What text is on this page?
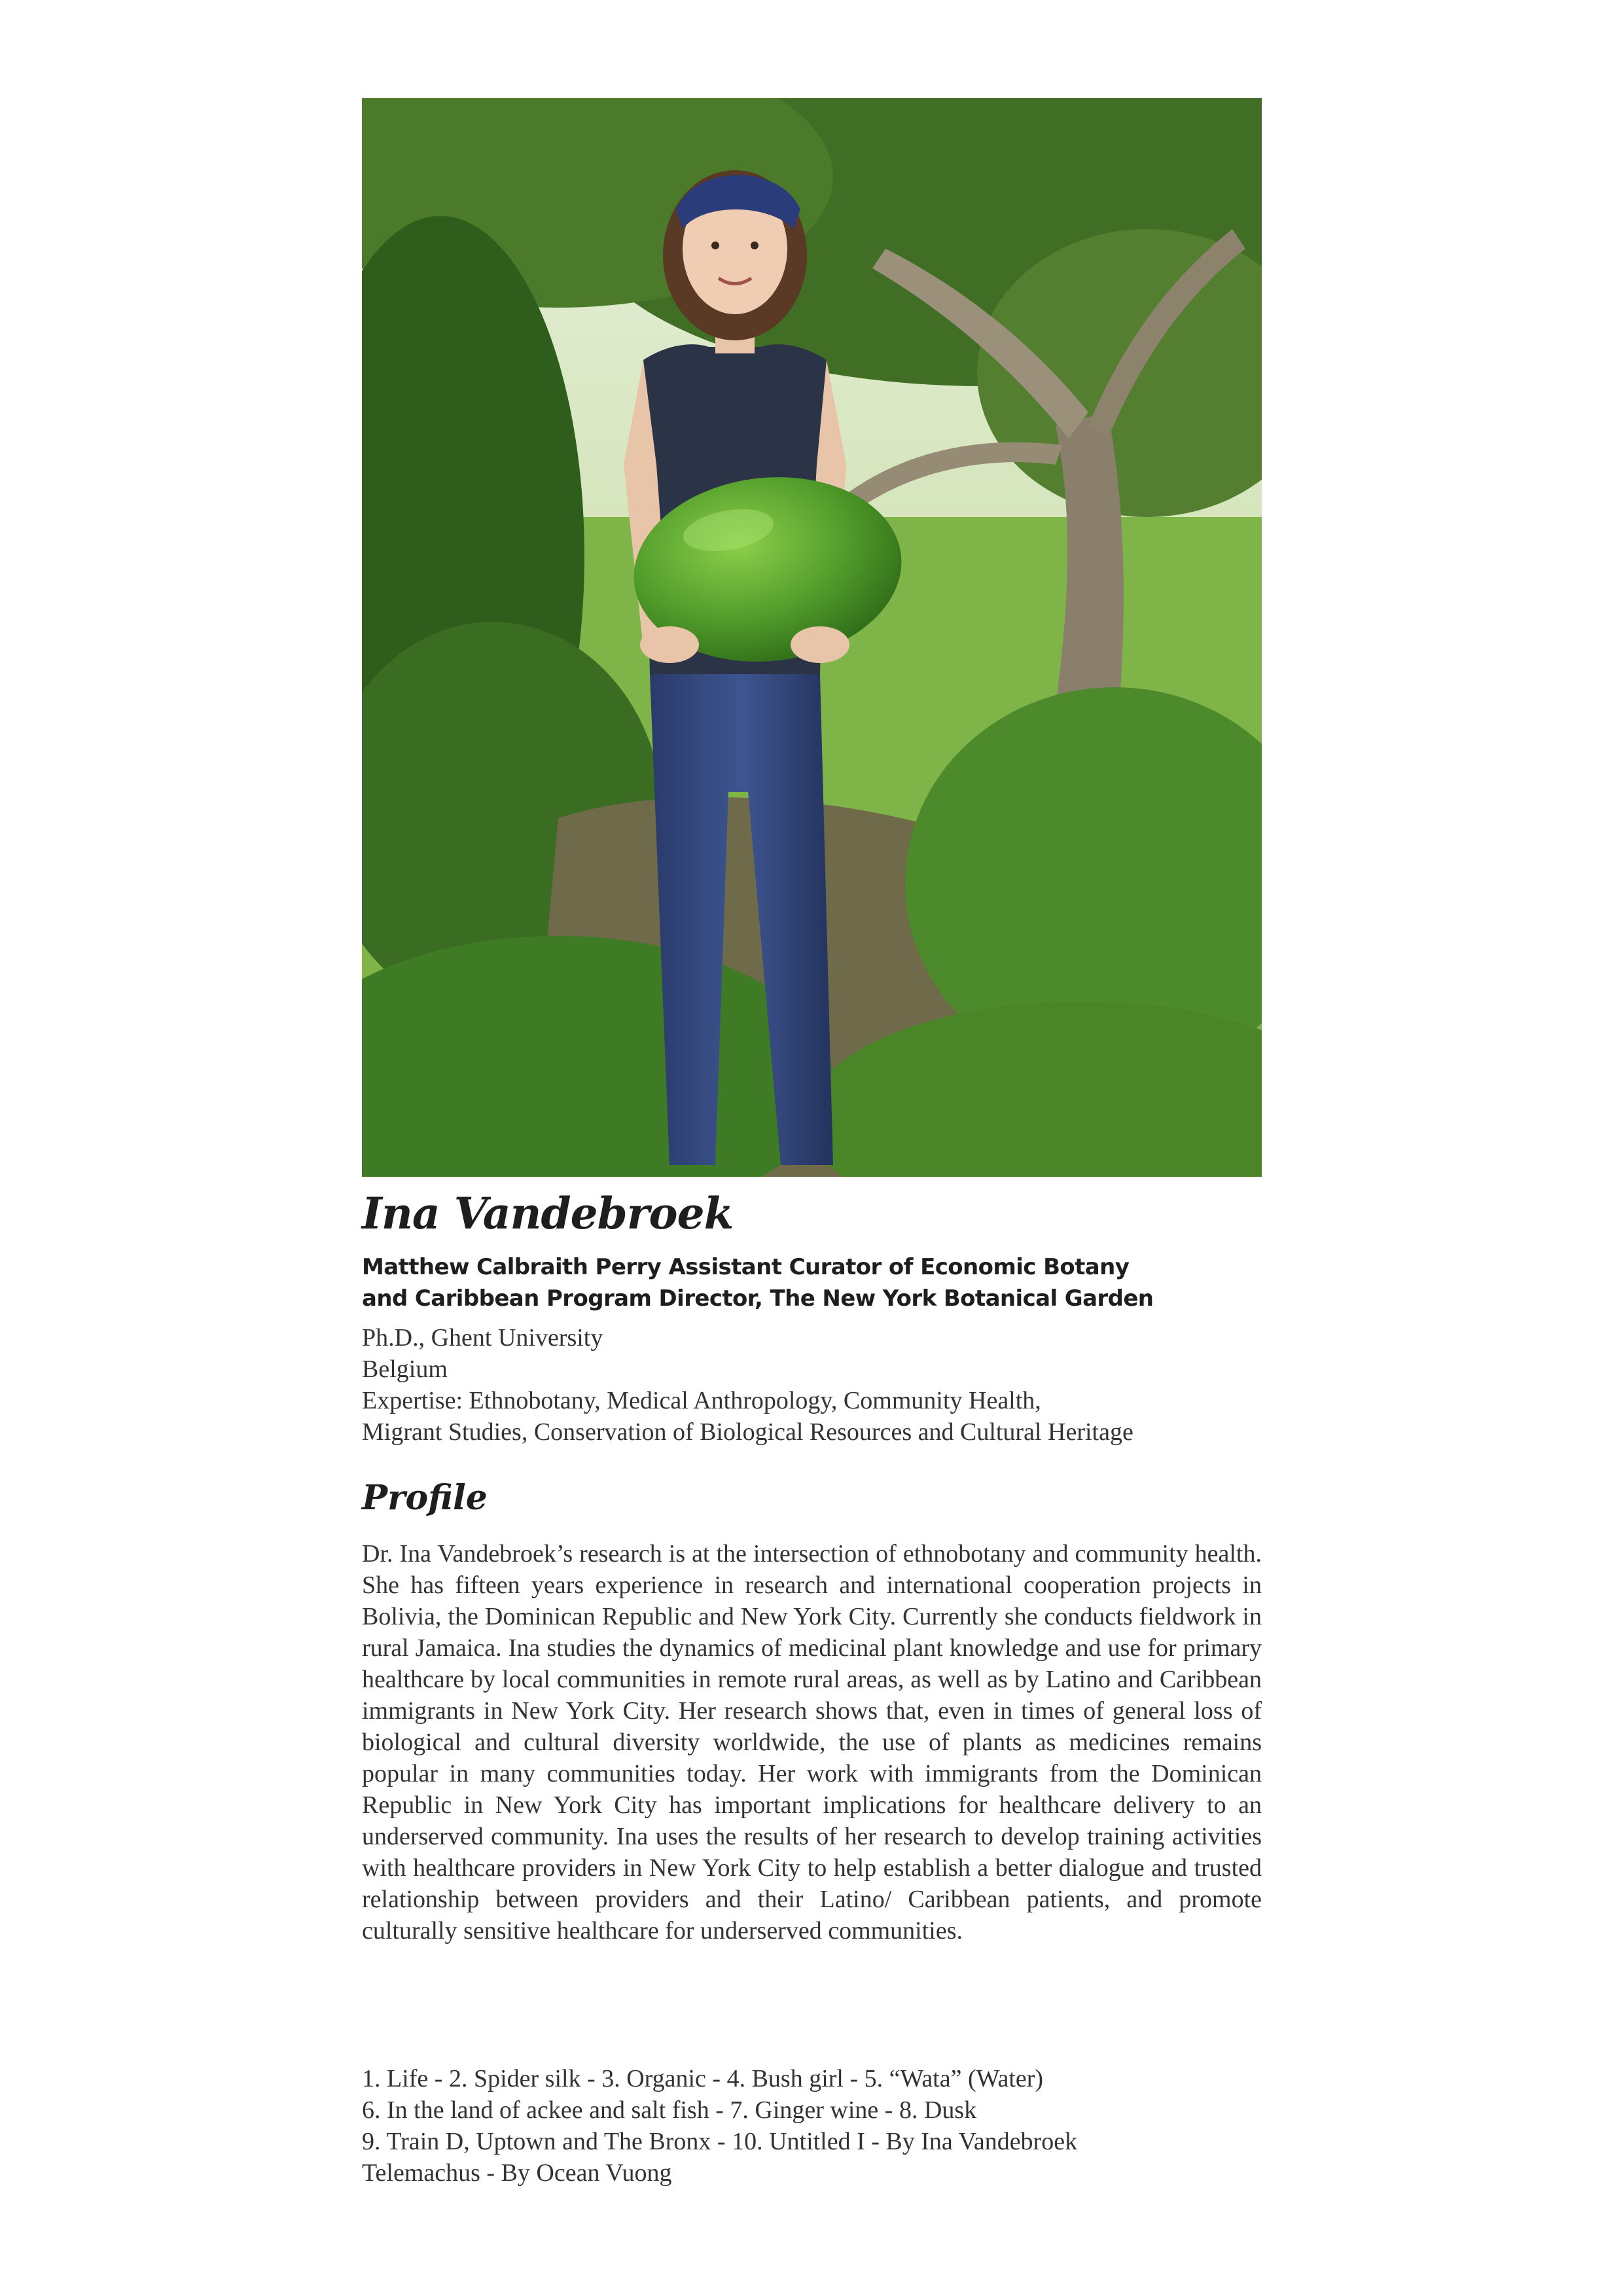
Ina Vandebroek
Matthew Calbraith Perry Assistant Curator of Economic Botany
and Caribbean Program Director, The New York Botanical Garden
Ph.D., Ghent University
Belgium
Expertise: Ethnobotany, Medical Anthropology, Community Health,
Migrant Studies, Conservation of Biological Resources and Cultural Heritage
Profile

Dr. Ina Vandebroek’s research is at the intersection of ethnobotany and community health. She has fifteen years experience in research and international cooperation projects in Bolivia, the Dominican Republic and New York City. Currently she conducts fieldwork in rural Jamaica. Ina studies the dynamics of medicinal plant knowledge and use for primary healthcare by local communities in remote rural areas, as well as by Latino and Caribbean immigrants in New York City. Her research shows that, even in times of general loss of biological and cultural diversity worldwide, the use of plants as medicines remains popular in many communities today. Her work with immigrants from the Dominican Republic in New York City has important implications for healthcare delivery to an underserved community. Ina uses the results of her research to develop training activities with healthcare providers in New York City to help establish a better dialogue and trusted relationship between providers and their Latino/ Caribbean patients, and promote culturally sensitive healthcare for underserved communities.

1. Life - 2. Spider silk - 3. Organic - 4. Bush girl - 5. “Wata” (Water)
6. In the land of ackee and salt fish - 7. Ginger wine - 8. Dusk
9. Train D, Uptown and The Bronx - 10. Untitled I - By Ina Vandebroek
Telemachus - By Ocean Vuong
